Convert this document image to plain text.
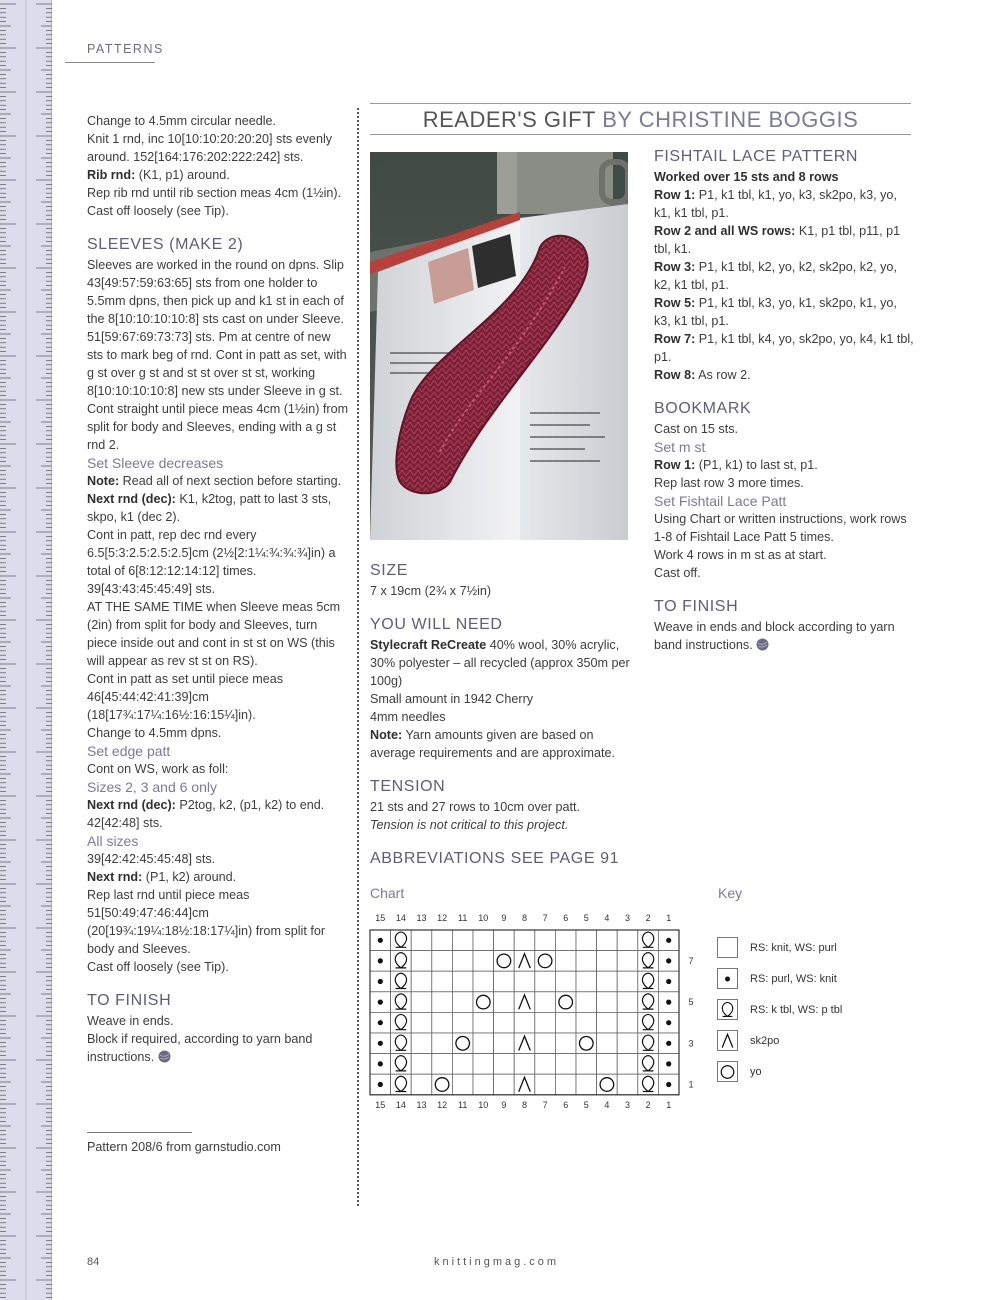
PATTERNS

Change to 4.5mm circular needle.

Knit 1 rnd, inc 10[10:10:20:20:20] sts evenly around. 152[164:176:202:222:242] sts.

Rib rnd: (K1, p1) around.

Rep rib rnd until rib section meas 4cm (1½in).

Cast off loosely (see Tip).

SLEEVES (MAKE 2)

Sleeves are worked in the round on dpns. Slip 43[49:57:59:63:65] sts from one holder to 5.5mm dpns, then pick up and k1 st in each of the 8[10:10:10:10:8] sts cast on under Sleeve. 51[59:67:69:73:73] sts. Pm at centre of new sts to mark beg of rnd. Cont in patt as set, with g st over g st and st st over st st, working 8[10:10:10:10:8] new sts under Sleeve in g st.

Cont straight until piece meas 4cm (1½in) from split for body and Sleeves, ending with a g st rnd 2.

Set Sleeve decreases

Note: Read all of next section before starting.

Next rnd (dec): K1, k2tog, patt to last 3 sts, skpo, k1 (dec 2).

Cont in patt, rep dec rnd every 6.5[5:3:2.5:2.5:2.5]cm (2½[2:1¼:¾:¾:¾]in) a total of 6[8:12:12:14:12] times. 39[43:43:45:45:49] sts.

AT THE SAME TIME when Sleeve meas 5cm (2in) from split for body and Sleeves, turn piece inside out and cont in st st on WS (this will appear as rev st st on RS).

Cont in patt as set until piece meas 46[45:44:42:41:39]cm (18[17¾:17¼:16½:16:15¼]in).

Change to 4.5mm dpns.

Set edge patt

Cont on WS, work as foll:

Sizes 2, 3 and 6 only

Next rnd (dec): P2tog, k2, (p1, k2) to end. 42[42:48] sts.

All sizes

39[42:42:45:45:48] sts.

Next rnd: (P1, k2) around.

Rep last rnd until piece meas 51[50:49:47:46:44]cm (20[19¾:19¼:18½:18:17¼]in) from split for body and Sleeves.

Cast off loosely (see Tip).

TO FINISH

Weave in ends.

Block if required, according to yarn band instructions.

Pattern 208/6 from garnstudio.com
READER'S GIFT BY CHRISTINE BOGGIS

SIZE

7 x 19cm (2¾ x 7½in)

YOU WILL NEED

Stylecraft ReCreate 40% wool, 30% acrylic, 30% polyester – all recycled (approx 350m per 100g)

Small amount in 1942 Cherry

4mm needles

Note: Yarn amounts given are based on average requirements and are approximate.

TENSION

21 sts and 27 rows to 10cm over patt.

Tension is not critical to this project.

ABBREVIATIONS SEE PAGE 91

FISHTAIL LACE PATTERN

Worked over 15 sts and 8 rows

Row 1: P1, k1 tbl, k1, yo, k3, sk2po, k3, yo, k1, k1 tbl, p1.

Row 2 and all WS rows: K1, p1 tbl, p11, p1 tbl, k1.

Row 3: P1, k1 tbl, k2, yo, k2, sk2po, k2, yo, k2, k1 tbl, p1.

Row 5: P1, k1 tbl, k3, yo, k1, sk2po, k1, yo, k3, k1 tbl, p1.

Row 7: P1, k1 tbl, k4, yo, sk2po, yo, k4, k1 tbl, p1.

Row 8: As row 2.

BOOKMARK

Cast on 15 sts.

Set m st

Row 1: (P1, k1) to last st, p1.

Rep last row 3 more times.

Set Fishtail Lace Patt

Using Chart or written instructions, work rows 1-8 of Fishtail Lace Patt 5 times.

Work 4 rows in m st as at start.

Cast off.

TO FINISH

Weave in ends and block according to yarn band instructions.

Chart	Key
15
15
14
14
13
13
12
12
11
11
10
10
9
9
8
8
7
7
6
6
5
5
4
4
3
3
2
2
1
1
7
5
3
1
RS: knit, WS: purl
RS: purl, WS: knit
RS: k tbl, WS: p tbl
sk2po
yo
84	knittingmag.com
